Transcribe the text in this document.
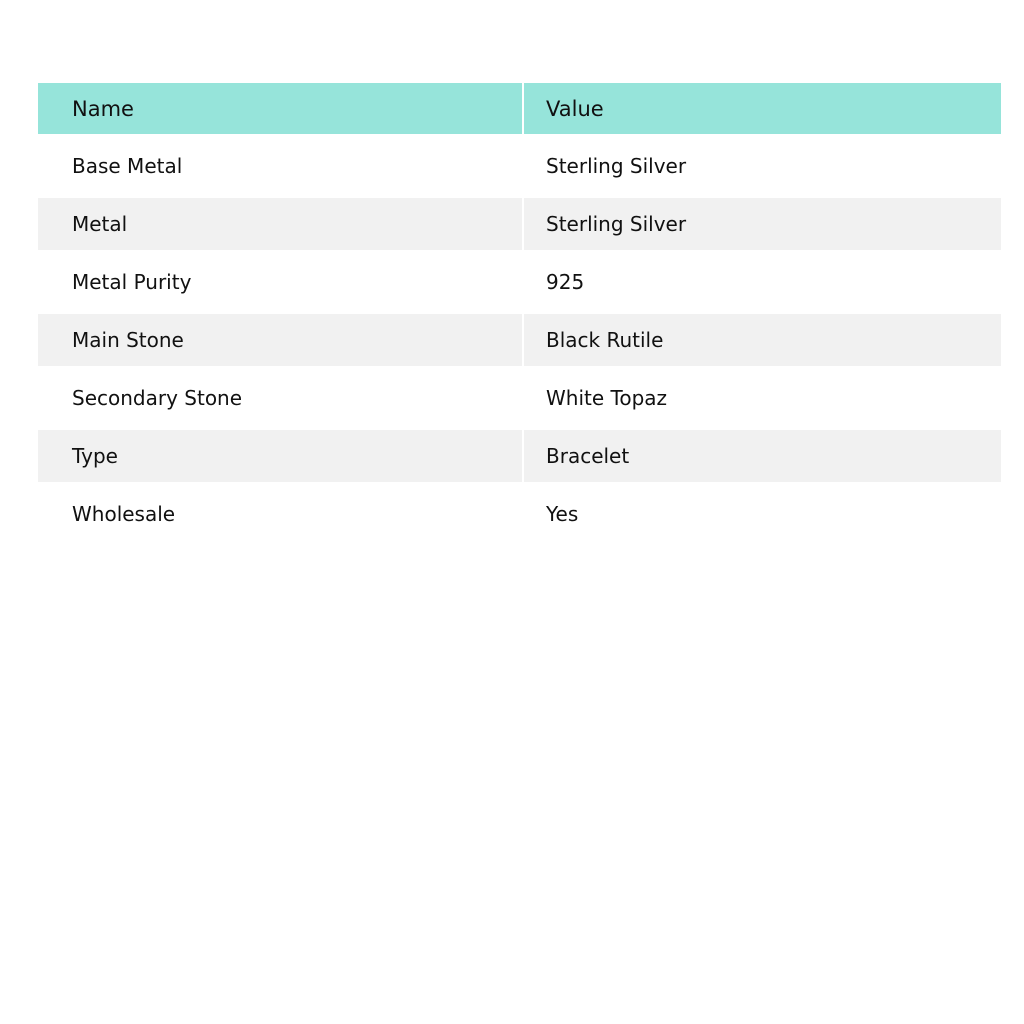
Name	Value
Base Metal	Sterling Silver
Metal	Sterling Silver
Metal Purity	925
Main Stone	Black Rutile
Secondary Stone	White Topaz
Type	Bracelet
Wholesale	Yes
